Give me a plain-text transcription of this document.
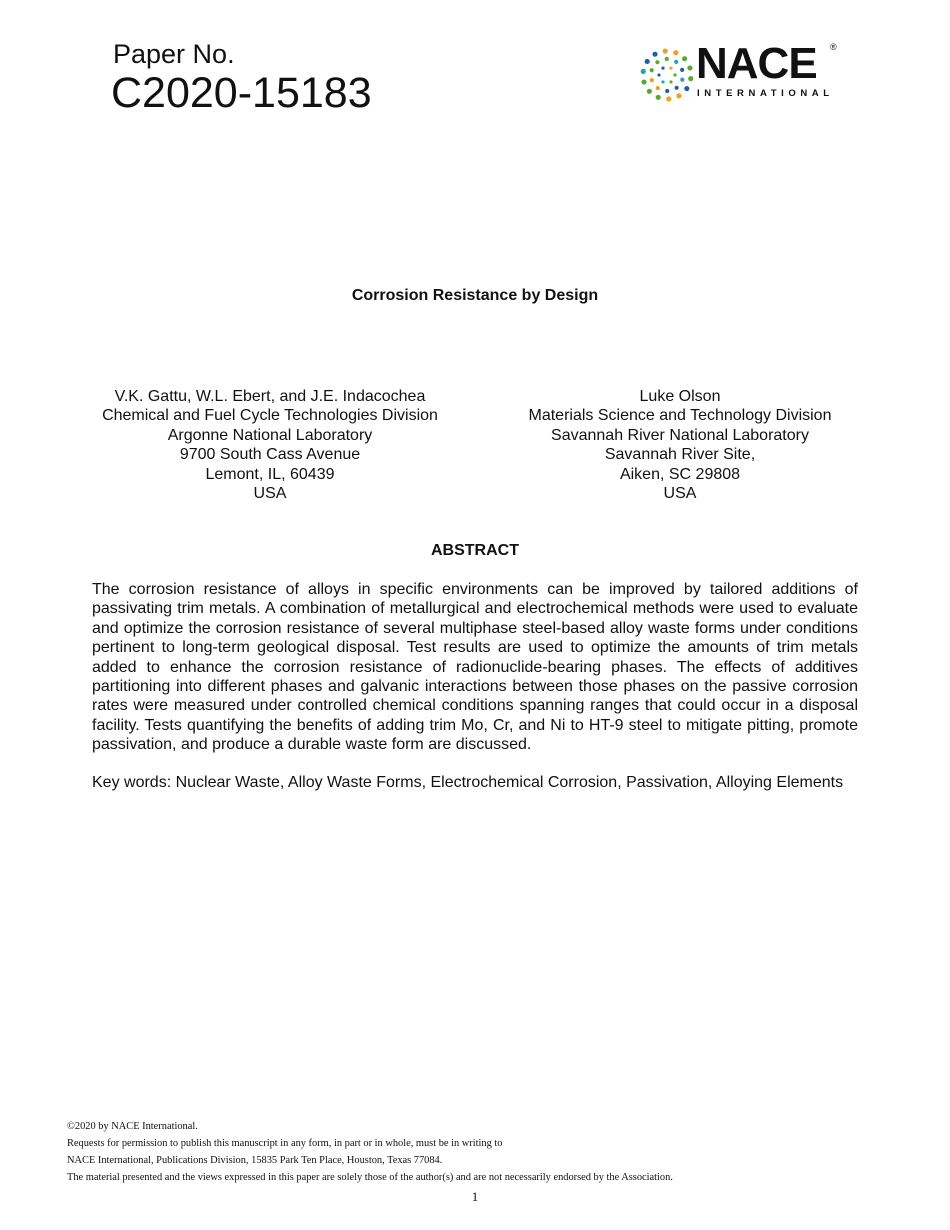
Paper No.
C2020-15183
NACE ®
INTERNATIONAL
Corrosion Resistance by Design
V.K. Gattu, W.L. Ebert, and J.E. Indacochea
Chemical and Fuel Cycle Technologies Division
Argonne National Laboratory
9700 South Cass Avenue
Lemont, IL, 60439
USA
Luke Olson
Materials Science and Technology Division
Savannah River National Laboratory
Savannah River Site,
Aiken, SC 29808
USA
ABSTRACT

The corrosion resistance of alloys in specific environments can be improved by tailored additions of passivating trim metals. A combination of metallurgical and electrochemical methods were used to evaluate and optimize the corrosion resistance of several multiphase steel-based alloy waste forms under conditions pertinent to long-term geological disposal. Test results are used to optimize the amounts of trim metals added to enhance the corrosion resistance of radionuclide-bearing phases. The effects of additives partitioning into different phases and galvanic interactions between those phases on the passive corrosion rates were measured under controlled chemical conditions spanning ranges that could occur in a disposal facility. Tests quantifying the benefits of adding trim Mo, Cr, and Ni to HT-9 steel to mitigate pitting, promote passivation, and produce a durable waste form are discussed.

Key words: Nuclear Waste, Alloy Waste Forms, Electrochemical Corrosion, Passivation, Alloying Elements

©2020 by NACE International.
Requests for permission to publish this manuscript in any form, in part or in whole, must be in writing to
NACE International, Publications Division, 15835 Park Ten Place, Houston, Texas 77084.
The material presented and the views expressed in this paper are solely those of the author(s) and are not necessarily endorsed by the Association.
1
